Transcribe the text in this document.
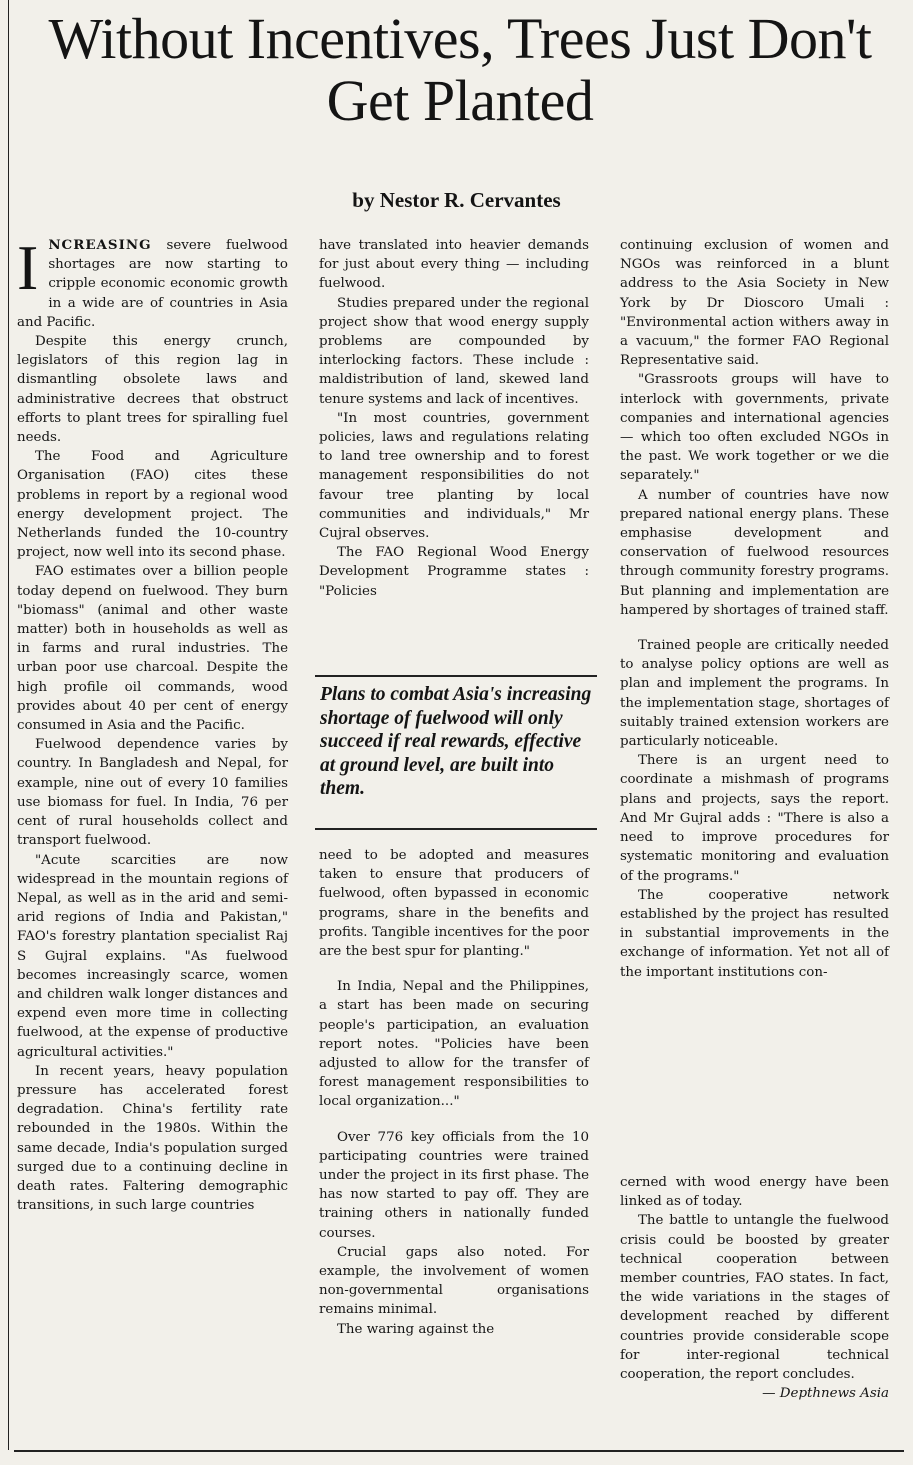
Without Incentives, Trees Just Don't Get Planted
by Nestor R. Cervantes

INCREASING severe fuelwood shortages are now starting to cripple economic economic growth in a wide are of countries in Asia and Pacific.

Despite this energy crunch, legislators of this region lag in dismantling obsolete laws and administrative decrees that obstruct efforts to plant trees for spiralling fuel needs.

The Food and Agriculture Organisation (FAO) cites these problems in report by a regional wood energy development project. The Netherlands funded the 10-country project, now well into its second phase.

FAO estimates over a billion people today depend on fuelwood. They burn "biomass" (animal and other waste matter) both in households as well as in farms and rural industries. The urban poor use charcoal. Despite the high profile oil commands, wood provides about 40 per cent of energy consumed in Asia and the Pacific.

Fuelwood dependence varies by country. In Bangladesh and Nepal, for example, nine out of every 10 families use biomass for fuel. In India, 76 per cent of rural households collect and transport fuelwood.

"Acute scarcities are now widespread in the mountain regions of Nepal, as well as in the arid and semi-arid regions of India and Pakistan," FAO's forestry plantation specialist Raj S Gujral explains. "As fuelwood becomes increasingly scarce, women and children walk longer distances and expend even more time in collecting fuelwood, at the expense of productive agricultural activities."

In recent years, heavy population pressure has accelerated forest degradation. China's fertility rate rebounded in the 1980s. Within the same decade, India's population surged surged due to a continuing decline in death rates. Faltering demographic transitions, in such large countries

have translated into heavier demands for just about every thing — including fuelwood.

Studies prepared under the regional project show that wood energy supply problems are compounded by interlocking factors. These include : maldistribution of land, skewed land tenure systems and lack of incentives.

"In most countries, government policies, laws and regulations relating to land tree ownership and to forest management responsibilities do not favour tree planting by local communities and individuals," Mr Cujral observes.

The FAO Regional Wood Energy Development Programme states : "Policies

Plans to combat Asia's increasing shortage of fuelwood will only succeed if real rewards, effective at ground level, are built into them.

need to be adopted and measures taken to ensure that producers of fuelwood, often bypassed in economic programs, share in the benefits and profits. Tangible incentives for the poor are the best spur for planting."

In India, Nepal and the Philippines, a start has been made on securing people's participation, an evaluation report notes. "Policies have been adjusted to allow for the transfer of forest management responsibilities to local organization..."

Over 776 key officials from the 10 participating countries were trained under the project in its first phase. The has now started to pay off. They are training others in nationally funded courses.

Crucial gaps also noted. For example, the involvement of women non-governmental organisations remains minimal.

The waring against the

continuing exclusion of women and NGOs was reinforced in a blunt address to the Asia Society in New York by Dr Dioscoro Umali : "Environmental action withers away in a vacuum," the former FAO Regional Representative said.

"Grassroots groups will have to interlock with governments, private companies and international agencies — which too often excluded NGOs in the past. We work together or we die separately."

A number of countries have now prepared national energy plans. These emphasise development and conservation of fuelwood resources through community forestry programs. But planning and implementation are hampered by shortages of trained staff.

Trained people are critically needed to analyse policy options are well as plan and implement the programs. In the implementation stage, shortages of suitably trained extension workers are particularly noticeable.

There is an urgent need to coordinate a mishmash of programs plans and projects, says the report. And Mr Gujral adds : "There is also a need to improve procedures for systematic monitoring and evaluation of the programs."

The cooperative network established by the project has resulted in substantial improvements in the exchange of information. Yet not all of the important institutions con-

cerned with wood energy have been linked as of today.

The battle to untangle the fuelwood crisis could be boosted by greater technical cooperation between member countries, FAO states. In fact, the wide variations in the stages of development reached by different countries provide considerable scope for inter-regional technical cooperation, the report concludes.

— Depthnews Asia
